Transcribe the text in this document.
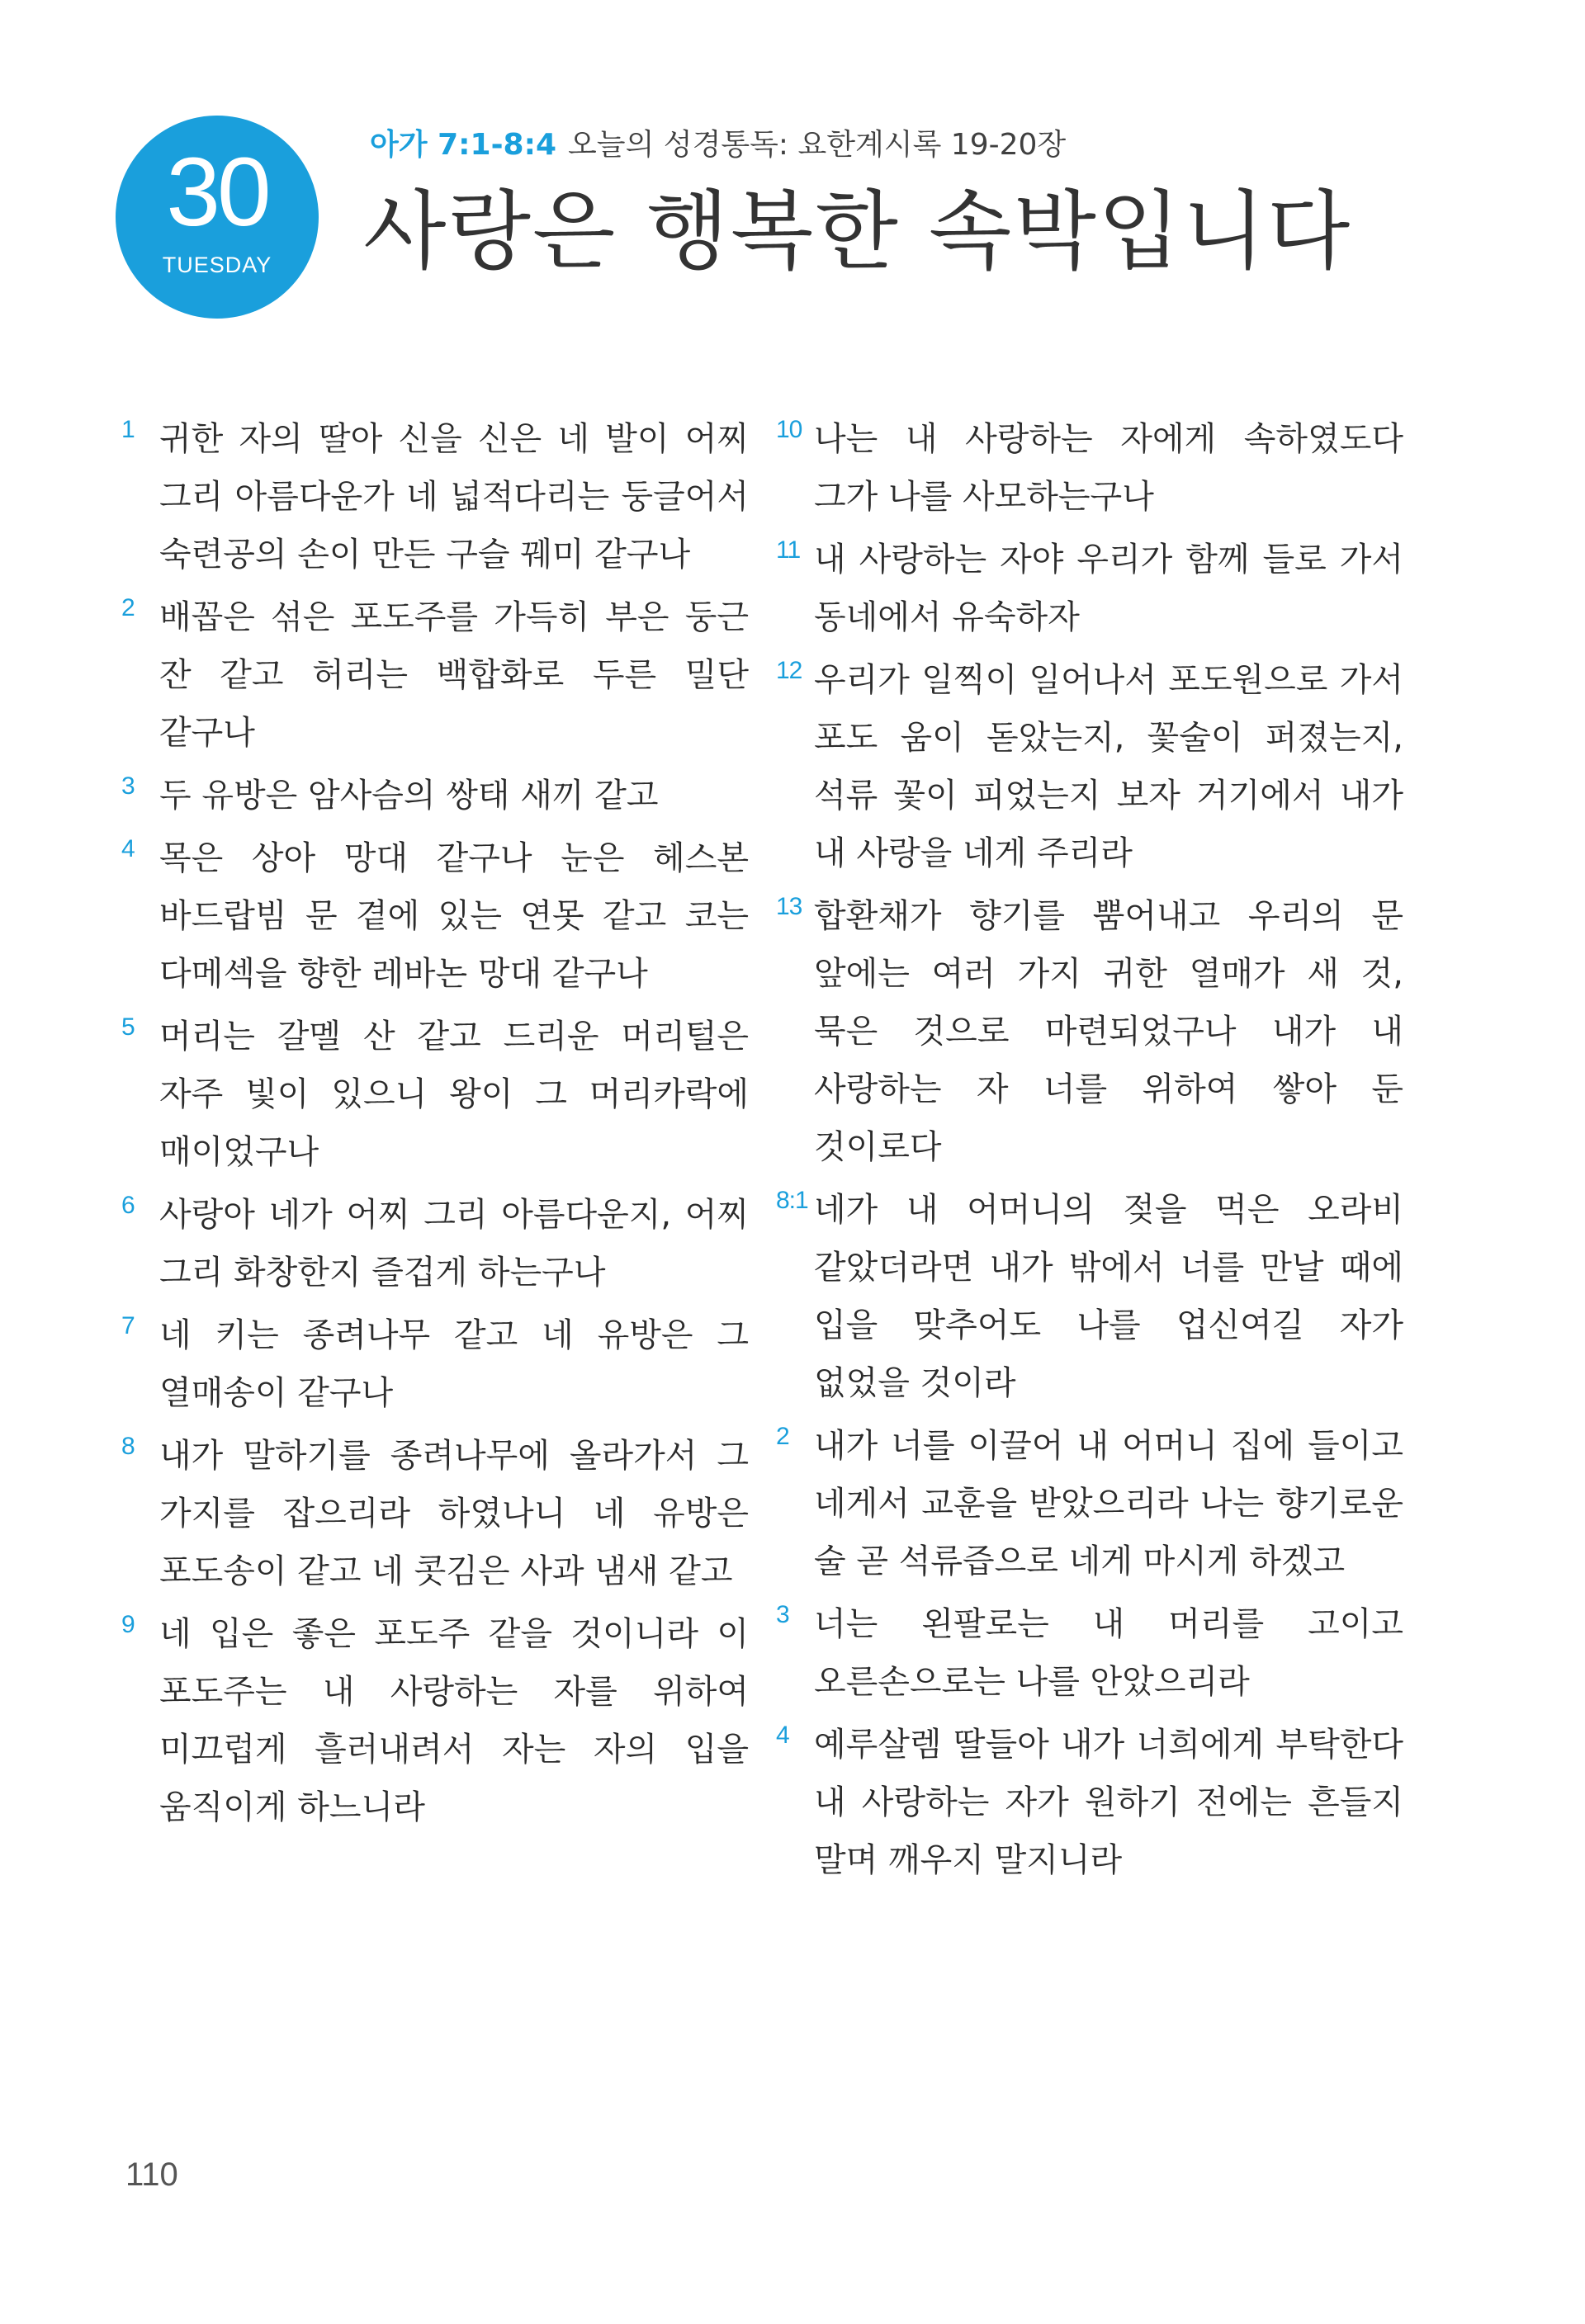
30
TUESDAY
아가 7:1-8:4 오늘의 성경통독: 요한계시록 19-20장
사랑은 행복한 속박입니다
1 귀한 자의 딸아 신을 신은 네 발이 어찌 그리 아름다운가 네 넓적다리는 둥글어서 숙련공의 손이 만든 구슬 꿰미 같구나
2 배꼽은 섞은 포도주를 가득히 부은 둥근 잔 같고 허리는 백합화로 두른 밀단 같구나
3 두 유방은 암사슴의 쌍태 새끼 같고
4 목은 상아 망대 같구나 눈은 헤스본 바드랍빔 문 곁에 있는 연못 같고 코는 다메섹을 향한 레바논 망대 같구나
5 머리는 갈멜 산 같고 드리운 머리털은 자주 빛이 있으니 왕이 그 머리카락에 매이었구나
6 사랑아 네가 어찌 그리 아름다운지, 어찌 그리 화창한지 즐겁게 하는구나
7 네 키는 종려나무 같고 네 유방은 그 열매송이 같구나
8 내가 말하기를 종려나무에 올라가서 그 가지를 잡으리라 하였나니 네 유방은 포도송이 같고 네 콧김은 사과 냄새 같고
9 네 입은 좋은 포도주 같을 것이니라 이 포도주는 내 사랑하는 자를 위하여 미끄럽게 흘러내려서 자는 자의 입을 움직이게 하느니라
10 나는 내 사랑하는 자에게 속하였도다 그가 나를 사모하는구나
11 내 사랑하는 자야 우리가 함께 들로 가서 동네에서 유숙하자
12 우리가 일찍이 일어나서 포도원으로 가서 포도 움이 돋았는지, 꽃술이 퍼졌는지, 석류 꽃이 피었는지 보자 거기에서 내가 내 사랑을 네게 주리라
13 합환채가 향기를 뿜어내고 우리의 문 앞에는 여러 가지 귀한 열매가 새 것, 묵은 것으로 마련되었구나 내가 내 사랑하는 자 너를 위하여 쌓아 둔 것이로다
8:1 네가 내 어머니의 젖을 먹은 오라비 같았더라면 내가 밖에서 너를 만날 때에 입을 맞추어도 나를 업신여길 자가 없었을 것이라
2 내가 너를 이끌어 내 어머니 집에 들이고 네게서 교훈을 받았으리라 나는 향기로운 술 곧 석류즙으로 네게 마시게 하겠고
3 너는 왼팔로는 내 머리를 고이고 오른손으로는 나를 안았으리라
4 예루살렘 딸들아 내가 너희에게 부탁한다 내 사랑하는 자가 원하기 전에는 흔들지 말며 깨우지 말지니라
110
